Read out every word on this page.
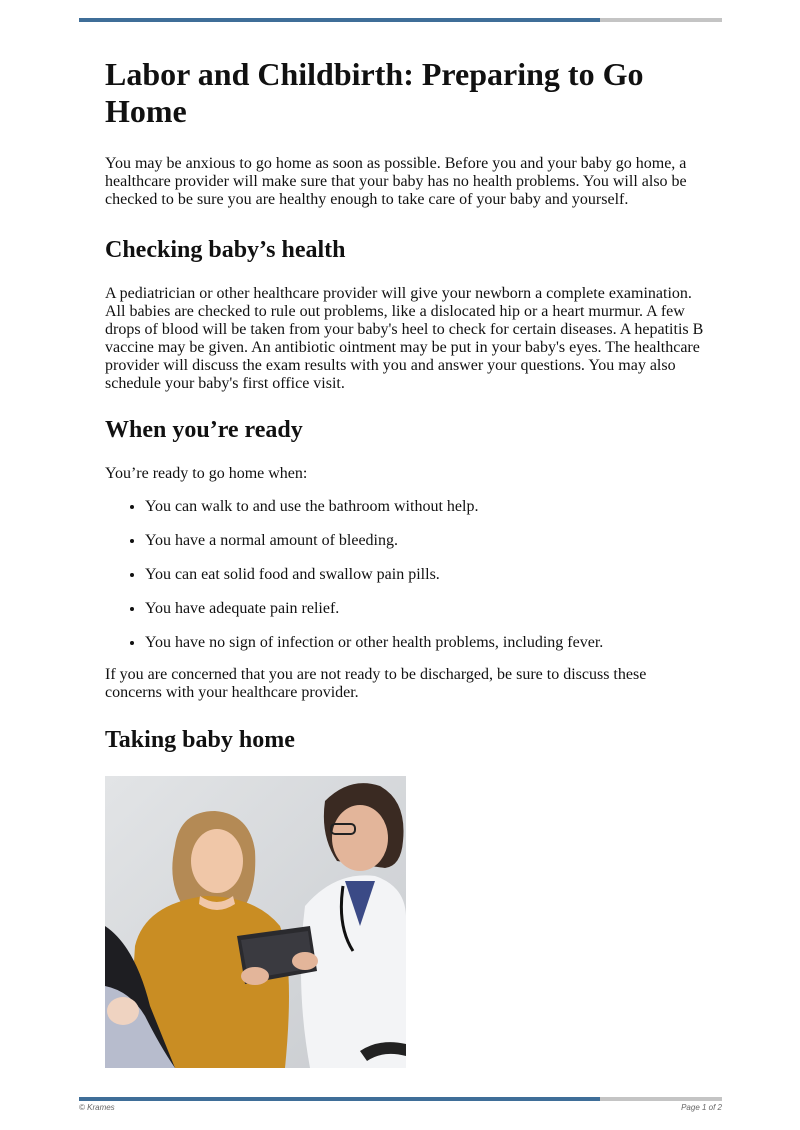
Labor and Childbirth: Preparing to Go Home

You may be anxious to go home as soon as possible. Before you and your baby go home, a healthcare provider will make sure that your baby has no health problems. You will also be checked to be sure you are healthy enough to take care of your baby and yourself.

Checking baby’s health

A pediatrician or other healthcare provider will give your newborn a complete examination. All babies are checked to rule out problems, like a dislocated hip or a heart murmur. A few drops of blood will be taken from your baby's heel to check for certain diseases. A hepatitis B vaccine may be given. An antibiotic ointment may be put in your baby's eyes. The healthcare provider will discuss the exam results with you and answer your questions. You may also schedule your baby's first office visit.

When you’re ready

You’re ready to go home when:

• You can walk to and use the bathroom without help.
• You have a normal amount of bleeding.
• You can eat solid food and swallow pain pills.
• You have adequate pain relief.
• You have no sign of infection or other health problems, including fever.

If you are concerned that you are not ready to be discharged, be sure to discuss these concerns with your healthcare provider.

Taking baby home
© Krames	Page 1 of 2
